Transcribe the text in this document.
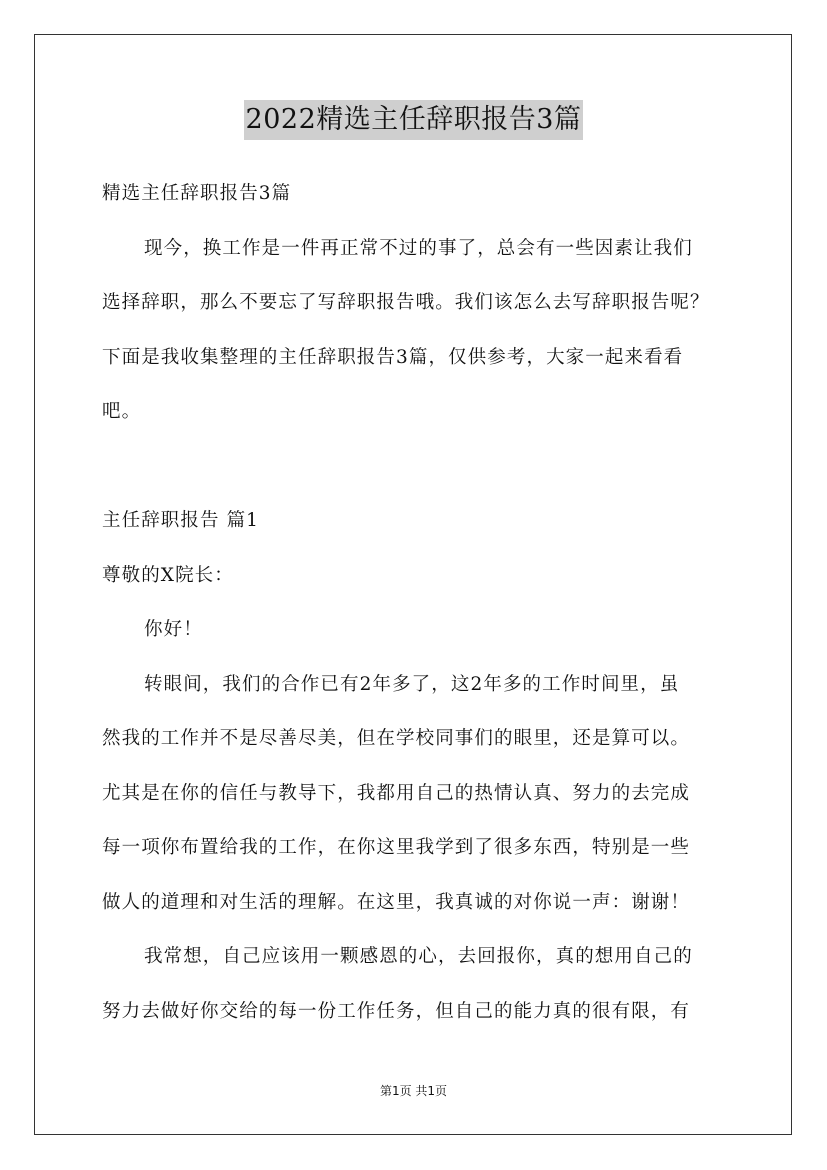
2022精选主任辞职报告3篇
精选主任辞职报告3篇
现今，换工作是一件再正常不过的事了，总会有一些因素让我们
选择辞职，那么不要忘了写辞职报告哦。我们该怎么去写辞职报告呢？
下面是我收集整理的主任辞职报告3篇，仅供参考，大家一起来看看
吧。
主任辞职报告 篇1
尊敬的X院长：
你好！
转眼间，我们的合作已有2年多了，这2年多的工作时间里，虽
然我的工作并不是尽善尽美，但在学校同事们的眼里，还是算可以。
尤其是在你的信任与教导下，我都用自己的热情认真、努力的去完成
每一项你布置给我的工作，在你这里我学到了很多东西，特别是一些
做人的道理和对生活的理解。在这里，我真诚的对你说一声：谢谢！
我常想，自己应该用一颗感恩的心，去回报你，真的想用自己的
努力去做好你交给的每一份工作任务，但自己的能力真的很有限，有
第1页 共1页
